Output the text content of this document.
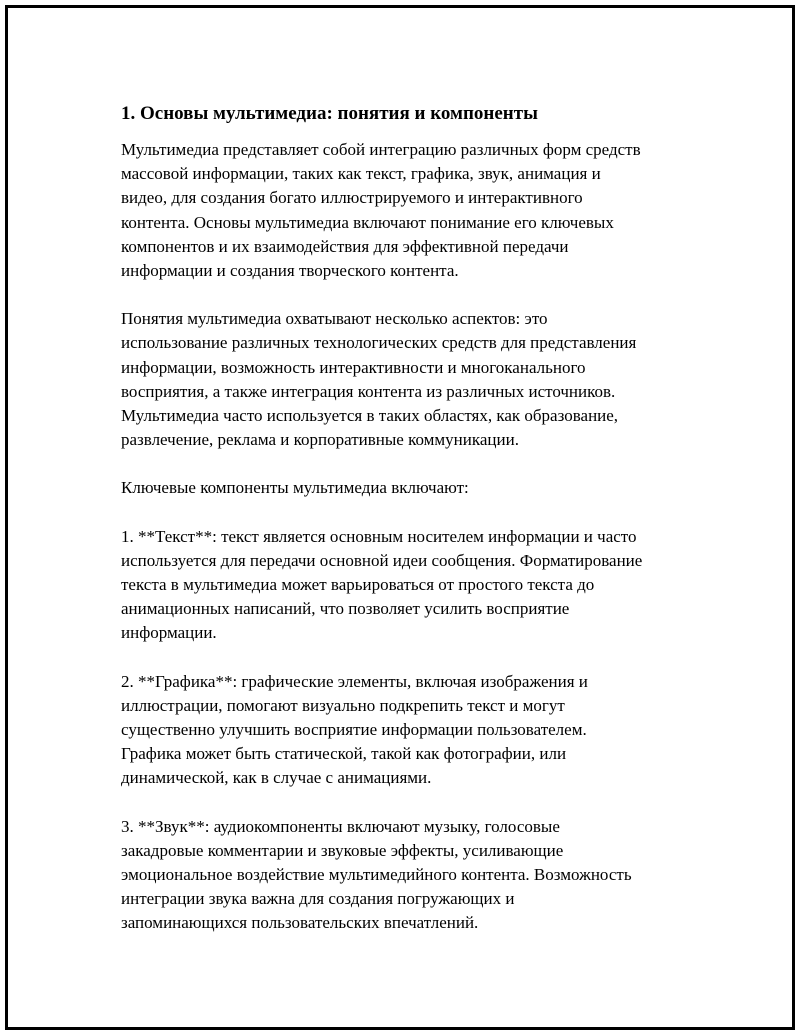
1. Основы мультимедиа: понятия и компоненты

Мультимедиа представляет собой интеграцию различных форм средств
массовой информации, таких как текст, графика, звук, анимация и
видео, для создания богато иллюстрируемого и интерактивного
контента. Основы мультимедиа включают понимание его ключевых
компонентов и их взаимодействия для эффективной передачи
информации и создания творческого контента.

Понятия мультимедиа охватывают несколько аспектов: это
использование различных технологических средств для представления
информации, возможность интерактивности и многоканального
восприятия, а также интеграция контента из различных источников.
Мультимедиа часто используется в таких областях, как образование,
развлечение, реклама и корпоративные коммуникации.

Ключевые компоненты мультимедиа включают:

1. **Текст**: текст является основным носителем информации и часто
используется для передачи основной идеи сообщения. Форматирование
текста в мультимедиа может варьироваться от простого текста до
анимационных написаний, что позволяет усилить восприятие
информации.

2. **Графика**: графические элементы, включая изображения и
иллюстрации, помогают визуально подкрепить текст и могут
существенно улучшить восприятие информации пользователем.
Графика может быть статической, такой как фотографии, или
динамической, как в случае с анимациями.

3. **Звук**: аудиокомпоненты включают музыку, голосовые
закадровые комментарии и звуковые эффекты, усиливающие
эмоциональное воздействие мультимедийного контента. Возможность
интеграции звука важна для создания погружающих и
запоминающихся пользовательских впечатлений.
